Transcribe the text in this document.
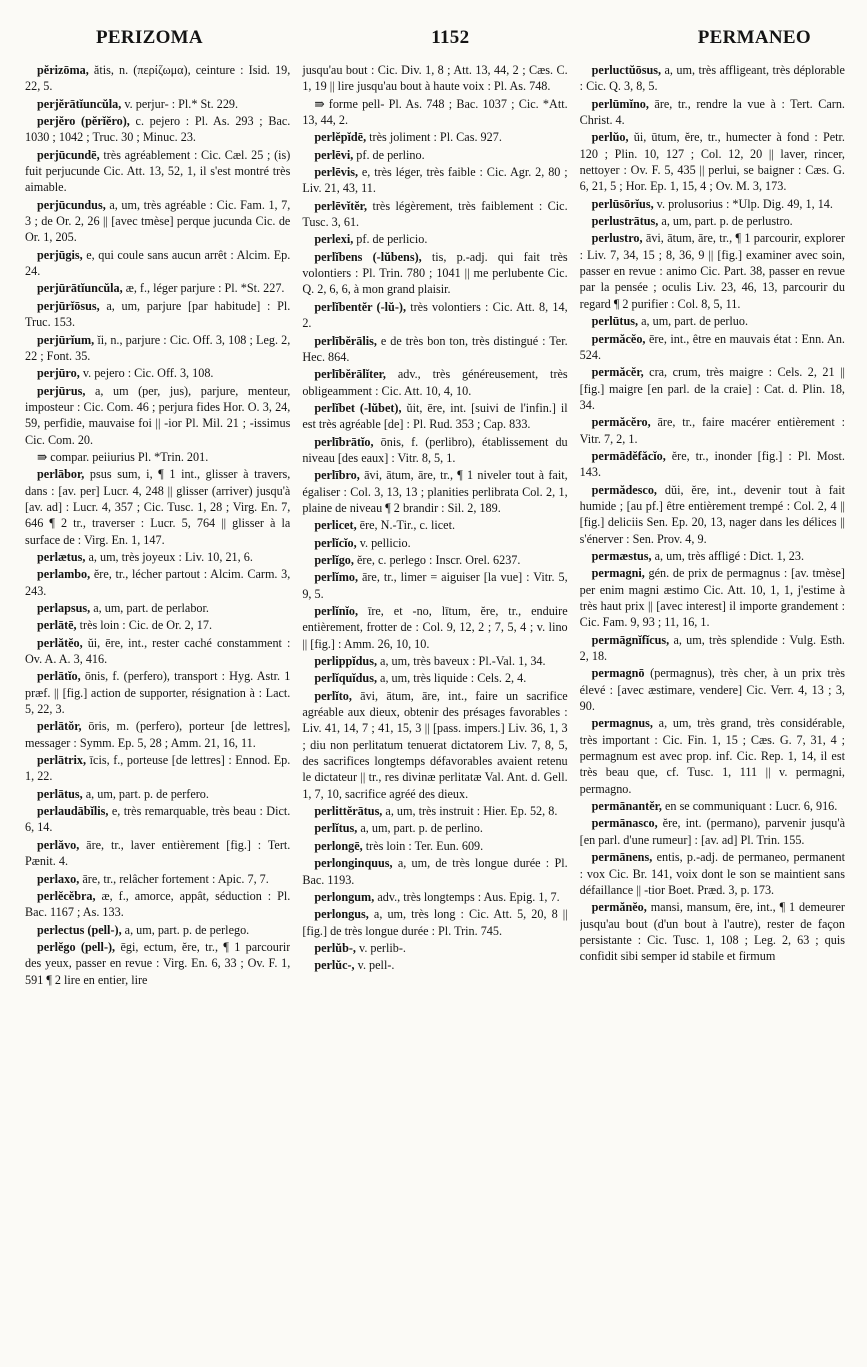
PERIZOMA	1152	PERMANEO

pĕrizōma, ătis, n. (περίζωμα), ceinture : Isid. 19, 22, 5.

perjĕrātĭuncŭla, v. perjur- : Pl.* St. 229.

perjĕro (pĕrĭĕro), c. pejero : Pl. As. 293 ; Bac. 1030 ; 1042 ; Truc. 30 ; Minuc. 23.

perjūcundē, très agréablement : Cic. Cæl. 25 ; (is) fuit perjucunde Cic. Att. 13, 52, 1, il s'est montré très aimable.

perjūcundus, a, um, très agréable : Cic. Fam. 1, 7, 3 ; de Or. 2, 26 || [avec tmèse] perque jucunda Cic. de Or. 1, 205.

perjūgis, e, qui coule sans aucun arrêt : Alcim. Ep. 24.

perjūrātĭuncŭla, æ, f., léger parjure : Pl. *St. 227.

perjūrĭōsus, a, um, parjure [par habitude] : Pl. Truc. 153.

perjūrĭum, ĭi, n., parjure : Cic. Off. 3, 108 ; Leg. 2, 22 ; Font. 35.

perjūro, v. pejero : Cic. Off. 3, 108.

perjūrus, a, um (per, jus), parjure, menteur, imposteur : Cic. Com. 46 ; perjura fides Hor. O. 3, 24, 59, perfidie, mauvaise foi || -ior Pl. Mil. 21 ; -issimus Cic. Com. 20.

⇛ compar. peiiurius Pl. *Trin. 201.

perlābor, psus sum, i, ¶ 1 int., glisser à travers, dans : [av. per] Lucr. 4, 248 || glisser (arriver) jusqu'à [av. ad] : Lucr. 4, 357 ; Cic. Tusc. 1, 28 ; Virg. En. 7, 646 ¶ 2 tr., traverser : Lucr. 5, 764 || glisser à la surface de : Virg. En. 1, 147.

perlætus, a, um, très joyeux : Liv. 10, 21, 6.

perlambo, ĕre, tr., lécher partout : Alcim. Carm. 3, 243.

perlapsus, a, um, part. de perlabor.

perlātē, très loin : Cic. de Or. 2, 17.

perlătĕo, ŭi, ēre, int., rester caché constamment : Ov. A. A. 3, 416.

perlātĭo, ōnis, f. (perfero), transport : Hyg. Astr. 1 præf. || [fig.] action de supporter, résignation à : Lact. 5, 22, 3.

perlātŏr, ōris, m. (perfero), porteur [de lettres], messager : Symm. Ep. 5, 28 ; Amm. 21, 16, 11.

perlātrix, īcis, f., porteuse [de lettres] : Ennod. Ep. 1, 22.

perlātus, a, um, part. p. de perfero.

perlaudābĭlis, e, très remarquable, très beau : Dict. 6, 14.

perlăvo, āre, tr., laver entièrement [fig.] : Tert. Pænit. 4.

perlaxo, āre, tr., relâcher fortement : Apic. 7, 7.

perlĕcĕbra, æ, f., amorce, appât, séduction : Pl. Bac. 1167 ; As. 133.

perlectus (pell-), a, um, part. p. de perlego.

perlĕgo (pell-), ēgi, ectum, ĕre, tr., ¶ 1 parcourir des yeux, passer en revue : Virg. En. 6, 33 ; Ov. F. 1, 591 ¶ 2 lire en entier, lire

jusqu'au bout : Cic. Div. 1, 8 ; Att. 13, 44, 2 ; Cæs. C. 1, 19 || lire jusqu'au bout à haute voix : Pl. As. 748.

⇛ forme pell- Pl. As. 748 ; Bac. 1037 ; Cic. *Att. 13, 44, 2.

perlĕpĭdē, très joliment : Pl. Cas. 927.

perlēvi, pf. de perlino.

perlēvis, e, très léger, très faible : Cic. Agr. 2, 80 ; Liv. 21, 43, 11.

perlēvĭtĕr, très légèrement, très faiblement : Cic. Tusc. 3, 61.

perlexi, pf. de perlicio.

perlĭbens (-lŭbens), tis, p.-adj. qui fait très volontiers : Pl. Trin. 780 ; 1041 || me perlubente Cic. Q. 2, 6, 6, à mon grand plaisir.

perlĭbentĕr (-lŭ-), très volontiers : Cic. Att. 8, 14, 2.

perlībĕrālis, e de très bon ton, très distingué : Ter. Hec. 864.

perlībĕrālĭter, adv., très généreusement, très obligeamment : Cic. Att. 10, 4, 10.

perlĭbet (-lŭbet), ŭit, ēre, int. [suivi de l'infin.] il est très agréable [de] : Pl. Rud. 353 ; Cap. 833.

perlībrātĭo, ōnis, f. (perlibro), établissement du niveau [des eaux] : Vitr. 8, 5, 1.

perlībro, āvi, ātum, āre, tr., ¶ 1 niveler tout à fait, égaliser : Col. 3, 13, 13 ; planities perlibrata Col. 2, 1, plaine de niveau ¶ 2 brandir : Sil. 2, 189.

perlicet, ēre, N.-Tir., c. licet.

perlĭcĭo, v. pellicio.

perlĭgo, ĕre, c. perlego : Inscr. Orel. 6237.

perlĭmo, āre, tr., limer = aiguiser [la vue] : Vitr. 5, 9, 5.

perlĭnĭo, īre, et -no, lītum, ĕre, tr., enduire entièrement, frotter de : Col. 9, 12, 2 ; 7, 5, 4 ; v. lino || [fig.] : Amm. 26, 10, 10.

perlippĭdus, a, um, très baveux : Pl.-Val. 1, 34.

perlĭquĭdus, a, um, très liquide : Cels. 2, 4.

perlĭto, āvi, ātum, āre, int., faire un sacrifice agréable aux dieux, obtenir des présages favorables : Liv. 41, 14, 7 ; 41, 15, 3 || [pass. impers.] Liv. 36, 1, 3 ; diu non perlitatum tenuerat dictatorem Liv. 7, 8, 5, des sacrifices longtemps défavorables avaient retenu le dictateur || tr., res divinæ perlitatæ Val. Ant. d. Gell. 1, 7, 10, sacrifice agréé des dieux.

perlittĕrātus, a, um, très instruit : Hier. Ep. 52, 8.

perlĭtus, a, um, part. p. de perlino.

perlongē, très loin : Ter. Eun. 609.

perlonginquus, a, um, de très longue durée : Pl. Bac. 1193.

perlongum, adv., très longtemps : Aus. Epig. 1, 7.

perlongus, a, um, très long : Cic. Att. 5, 20, 8 || [fig.] de très longue durée : Pl. Trin. 745.

perlŭb-, v. perlib-.

perlŭc-, v. pell-.

perluctŭōsus, a, um, très affligeant, très déplorable : Cic. Q. 3, 8, 5.

perlūmĭno, āre, tr., rendre la vue à : Tert. Carn. Christ. 4.

perlŭo, ŭi, ūtum, ĕre, tr., humecter à fond : Petr. 120 ; Plin. 10, 127 ; Col. 12, 20 || laver, rincer, nettoyer : Ov. F. 5, 435 || perlui, se baigner : Cæs. G. 6, 21, 5 ; Hor. Ep. 1, 15, 4 ; Ov. M. 3, 173.

perlūsōrĭus, v. prolusorius : *Ulp. Dig. 49, 1, 14.

perlustrātus, a, um, part. p. de perlustro.

perlustro, āvi, ātum, āre, tr., ¶ 1 parcourir, explorer : Liv. 7, 34, 15 ; 8, 36, 9 || [fig.] examiner avec soin, passer en revue : animo Cic. Part. 38, passer en revue par la pensée ; oculis Liv. 23, 46, 13, parcourir du regard ¶ 2 purifier : Col. 8, 5, 11.

perlūtus, a, um, part. de perluo.

permăcĕo, ēre, int., être en mauvais état : Enn. An. 524.

permăcĕr, cra, crum, très maigre : Cels. 2, 21 || [fig.] maigre [en parl. de la craie] : Cat. d. Plin. 18, 34.

permăcĕro, āre, tr., faire macérer entièrement : Vitr. 7, 2, 1.

permādĕfăcĭo, ĕre, tr., inonder [fig.] : Pl. Most. 143.

permădesco, dŭi, ĕre, int., devenir tout à fait humide ; [au pf.] être entièrement trempé : Col. 2, 4 || [fig.] deliciis Sen. Ep. 20, 13, nager dans les délices || s'énerver : Sen. Prov. 4, 9.

permæstus, a, um, très affligé : Dict. 1, 23.

permagni, gén. de prix de permagnus : [av. tmèse] per enim magni æstimo Cic. Att. 10, 1, 1, j'estime à très haut prix || [avec interest] il importe grandement : Cic. Fam. 9, 93 ; 11, 16, 1.

permāgnĭfĭcus, a, um, très splendide : Vulg. Esth. 2, 18.

permagnō (permagnus), très cher, à un prix très élevé : [avec æstimare, vendere] Cic. Verr. 4, 13 ; 3, 90.

permagnus, a, um, très grand, très considérable, très important : Cic. Fin. 1, 15 ; Cæs. G. 7, 31, 4 ; permagnum est avec prop. inf. Cic. Rep. 1, 14, il est très beau que, cf. Tusc. 1, 111 || v. permagni, permagno.

permānantĕr, en se communiquant : Lucr. 6, 916.

permānasco, ĕre, int. (permano), parvenir jusqu'à [en parl. d'une rumeur] : [av. ad] Pl. Trin. 155.

permānens, entis, p.-adj. de permaneo, permanent : vox Cic. Br. 141, voix dont le son se maintient sans défaillance || -tior Boet. Præd. 3, p. 173.

permănĕo, mansi, mansum, ēre, int., ¶ 1 demeurer jusqu'au bout (d'un bout à l'autre), rester de façon persistante : Cic. Tusc. 1, 108 ; Leg. 2, 63 ; quis confidit sibi semper id stabile et firmum
